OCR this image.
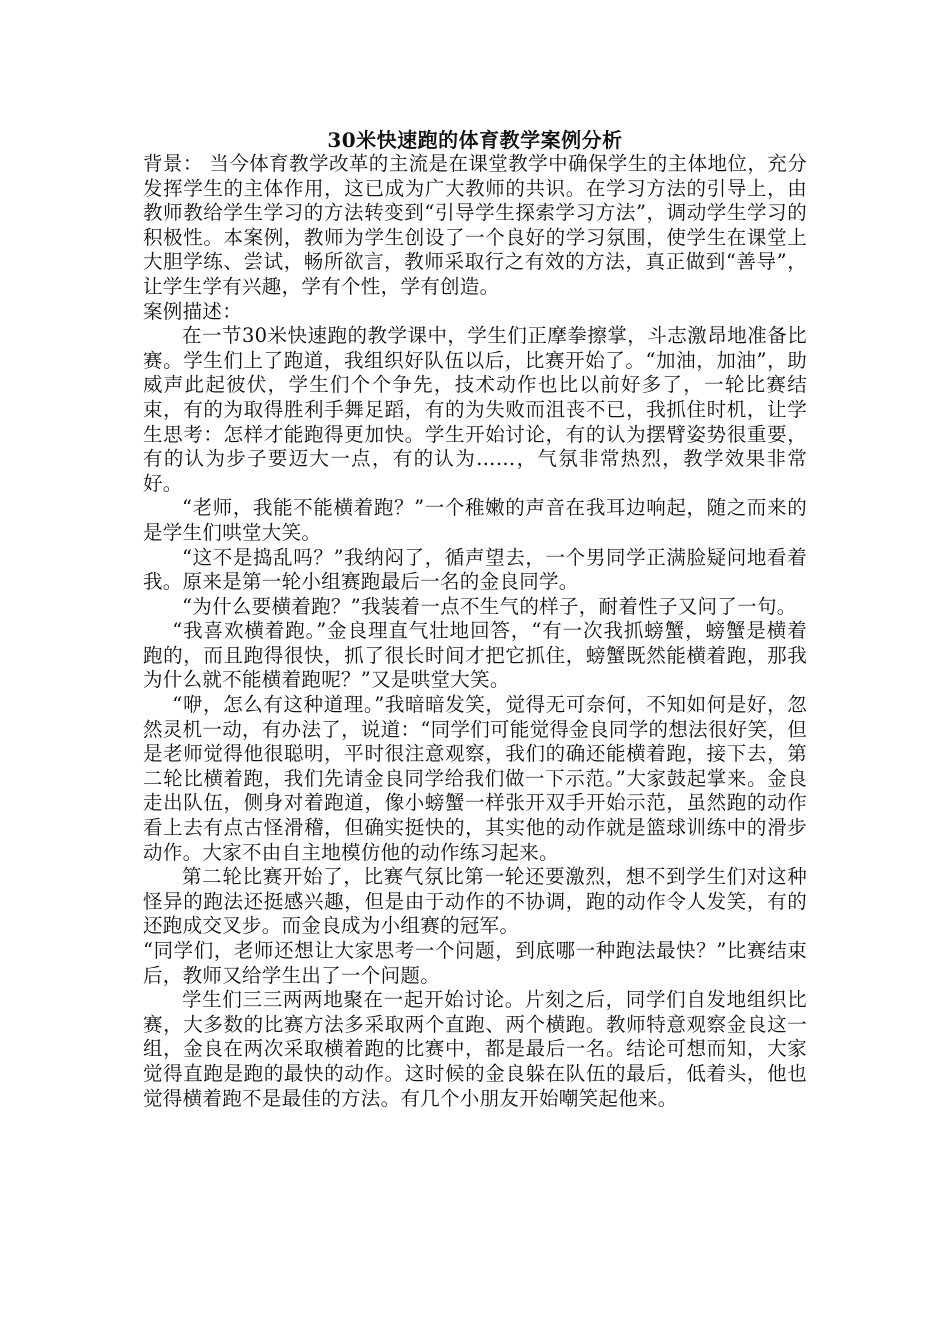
30米快速跑的体育教学案例分析

背景： 当今体育教学改革的主流是在课堂教学中确保学生的主体地位，充分发挥学生的主体作用，这已成为广大教师的共识。在学习方法的引导上，由教师教给学生学习的方法转变到“引导学生探索学习方法”，调动学生学习的积极性。本案例，教师为学生创设了一个良好的学习氛围，使学生在课堂上大胆学练、尝试，畅所欲言，教师采取行之有效的方法，真正做到“善导”，让学生学有兴趣，学有个性，学有创造。

案例描述：

在一节30米快速跑的教学课中，学生们正摩拳擦掌，斗志激昂地准备比赛。学生们上了跑道，我组织好队伍以后，比赛开始了。“加油，加油”，助威声此起彼伏，学生们个个争先，技术动作也比以前好多了，一轮比赛结束，有的为取得胜利手舞足蹈，有的为失败而沮丧不已，我抓住时机，让学生思考：怎样才能跑得更加快。学生开始讨论，有的认为摆臂姿势很重要，有的认为步子要迈大一点，有的认为……，气氛非常热烈，教学效果非常好。

“老师，我能不能横着跑？”一个稚嫩的声音在我耳边响起，随之而来的是学生们哄堂大笑。

“这不是捣乱吗？”我纳闷了，循声望去，一个男同学正满脸疑问地看着我。原来是第一轮小组赛跑最后一名的金良同学。

“为什么要横着跑？”我装着一点不生气的样子，耐着性子又问了一句。

“我喜欢横着跑。”金良理直气壮地回答，“有一次我抓螃蟹，螃蟹是横着跑的，而且跑得很快，抓了很长时间才把它抓住，螃蟹既然能横着跑，那我为什么就不能横着跑呢？”又是哄堂大笑。

“咿，怎么有这种道理。”我暗暗发笑，觉得无可奈何，不知如何是好，忽然灵机一动，有办法了，说道：“同学们可能觉得金良同学的想法很好笑，但是老师觉得他很聪明，平时很注意观察，我们的确还能横着跑，接下去，第二轮比横着跑，我们先请金良同学给我们做一下示范。”大家鼓起掌来。金良走出队伍，侧身对着跑道，像小螃蟹一样张开双手开始示范，虽然跑的动作看上去有点古怪滑稽，但确实挺快的，其实他的动作就是篮球训练中的滑步动作。大家不由自主地模仿他的动作练习起来。

第二轮比赛开始了，比赛气氛比第一轮还要激烈，想不到学生们对这种怪异的跑法还挺感兴趣，但是由于动作的不协调，跑的动作令人发笑，有的还跑成交叉步。而金良成为小组赛的冠军。

“同学们，老师还想让大家思考一个问题，到底哪一种跑法最快？”比赛结束后，教师又给学生出了一个问题。

学生们三三两两地聚在一起开始讨论。片刻之后，同学们自发地组织比赛，大多数的比赛方法多采取两个直跑、两个横跑。教师特意观察金良这一组，金良在两次采取横着跑的比赛中，都是最后一名。结论可想而知，大家觉得直跑是跑的最快的动作。这时候的金良躲在队伍的最后，低着头，他也觉得横着跑不是最佳的方法。有几个小朋友开始嘲笑起他来。
